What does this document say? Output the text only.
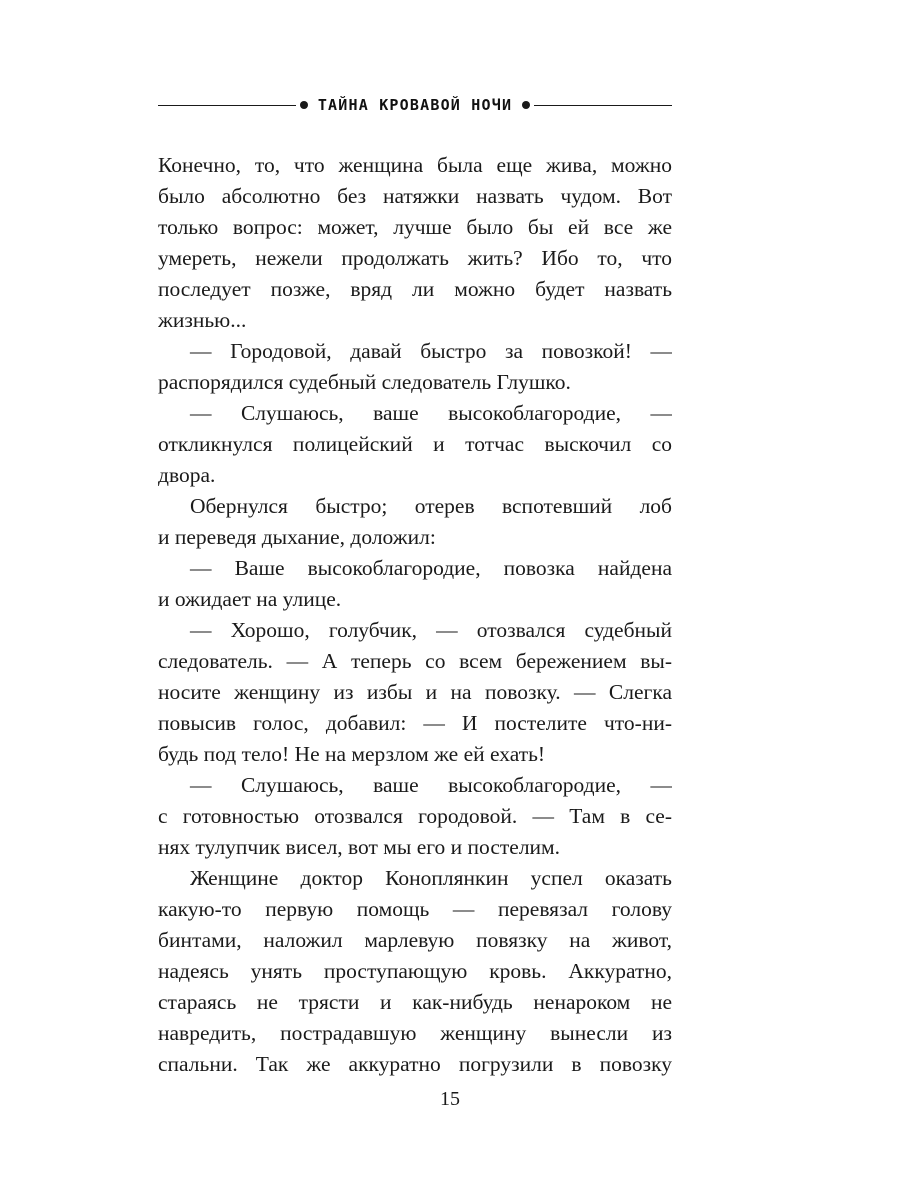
ТАЙНА КРОВАВОЙ НОЧИ
Конечно, то, что женщина была еще жива, можно
было абсолютно без натяжки назвать чудом. Вот
только вопрос: может, лучше было бы ей все же
умереть, нежели продолжать жить? Ибо то, что
последует позже, вряд ли можно будет назвать
жизнью...
— Городовой, давай быстро за повозкой! —
распорядился судебный следователь Глушко.
— Слушаюсь, ваше высокоблагородие, —
откликнулся полицейский и тотчас выскочил со
двора.
Обернулся быстро; отерев вспотевший лоб
и переведя дыхание, доложил:
— Ваше высокоблагородие, повозка найдена
и ожидает на улице.
— Хорошо, голубчик, — отозвался судебный
следователь. — А теперь со всем бережением вы-
носите женщину из избы и на повозку. — Слегка
повысив голос, добавил: — И постелите что-ни-
будь под тело! Не на мерзлом же ей ехать!
— Слушаюсь, ваше высокоблагородие, —
с готовностью отозвался городовой. — Там в се-
нях тулупчик висел, вот мы его и постелим.
Женщине доктор Коноплянкин успел оказать
какую-то первую помощь — перевязал голову
бинтами, наложил марлевую повязку на живот,
надеясь унять проступающую кровь. Аккуратно,
стараясь не трясти и как-нибудь ненароком не
навредить, пострадавшую женщину вынесли из
спальни. Так же аккуратно погрузили в повозку
15
